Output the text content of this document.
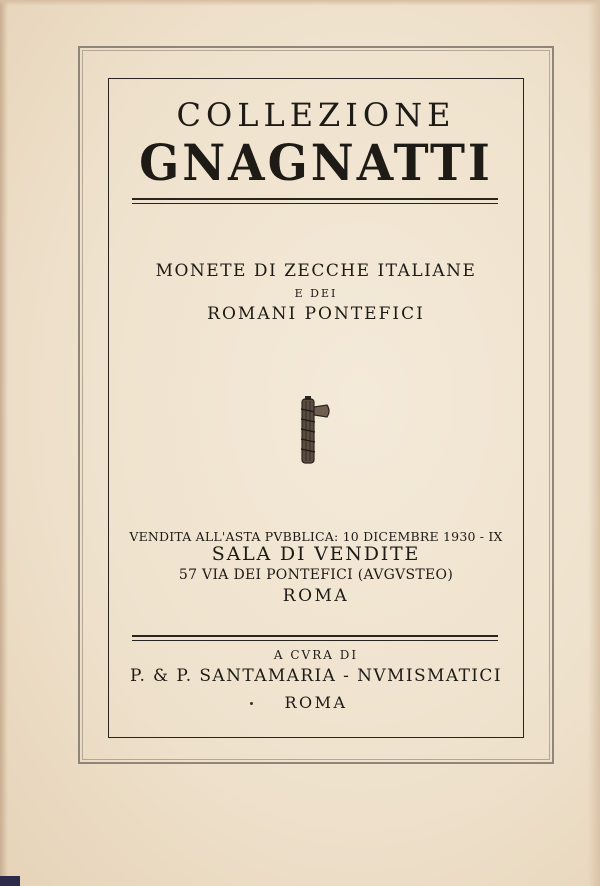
COLLEZIONE
GNAGNATTI
MONETE DI ZECCHE ITALIANE
E DEI
ROMANI PONTEFICI
VENDITA ALL'ASTA PVBBLICA: 10 DICEMBRE 1930 - IX
SALA DI VENDITE
57 VIA DEI PONTEFICI (AVGVSTEO)
ROMA
A CVRA DI
P. & P. SANTAMARIA - NVMISMATICI
ROMA
